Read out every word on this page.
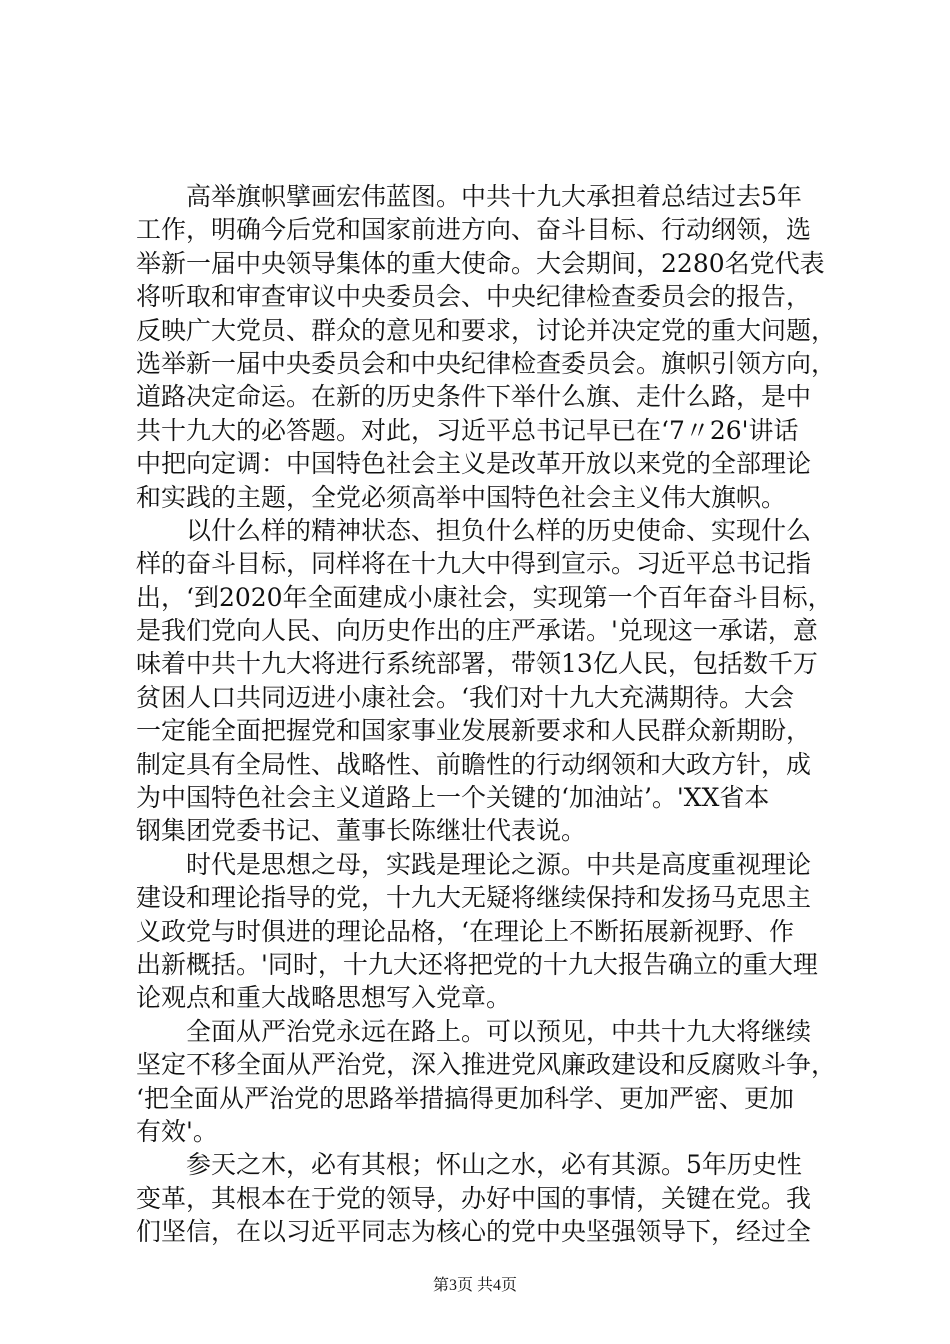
　　高举旗帜擘画宏伟蓝图。中共十九大承担着总结过去5年
工作，明确今后党和国家前进方向、奋斗目标、行动纲领，选
举新一届中央领导集体的重大使命。大会期间，2280名党代表
将听取和审查审议中央委员会、中央纪律检查委员会的报告，
反映广大党员、群众的意见和要求，讨论并决定党的重大问题，
选举新一届中央委员会和中央纪律检查委员会。旗帜引领方向，
道路决定命运。在新的历史条件下举什么旗、走什么路，是中
共十九大的必答题。对此，习近平总书记早已在‘7〃26'讲话
中把向定调：中国特色社会主义是改革开放以来党的全部理论
和实践的主题，全党必须高举中国特色社会主义伟大旗帜。
　　以什么样的精神状态、担负什么样的历史使命、实现什么
样的奋斗目标，同样将在十九大中得到宣示。习近平总书记指
出，‘到2020年全面建成小康社会，实现第一个百年奋斗目标，
是我们党向人民、向历史作出的庄严承诺。'兑现这一承诺，意
味着中共十九大将进行系统部署，带领13亿人民，包括数千万
贫困人口共同迈进小康社会。‘我们对十九大充满期待。大会
一定能全面把握党和国家事业发展新要求和人民群众新期盼，
制定具有全局性、战略性、前瞻性的行动纲领和大政方针，成
为中国特色社会主义道路上一个关键的‘加油站’。'XX省本
钢集团党委书记、董事长陈继壮代表说。
　　时代是思想之母，实践是理论之源。中共是高度重视理论
建设和理论指导的党，十九大无疑将继续保持和发扬马克思主
义政党与时俱进的理论品格，‘在理论上不断拓展新视野、作
出新概括。'同时，十九大还将把党的十九大报告确立的重大理
论观点和重大战略思想写入党章。
　　全面从严治党永远在路上。可以预见，中共十九大将继续
坚定不移全面从严治党，深入推进党风廉政建设和反腐败斗争，
‘把全面从严治党的思路举措搞得更加科学、更加严密、更加
有效'。
　　参天之木，必有其根；怀山之水，必有其源。5年历史性
变革，其根本在于党的领导，办好中国的事情，关键在党。我
们坚信，在以习近平同志为核心的党中央坚强领导下，经过全
第3页 共4页
